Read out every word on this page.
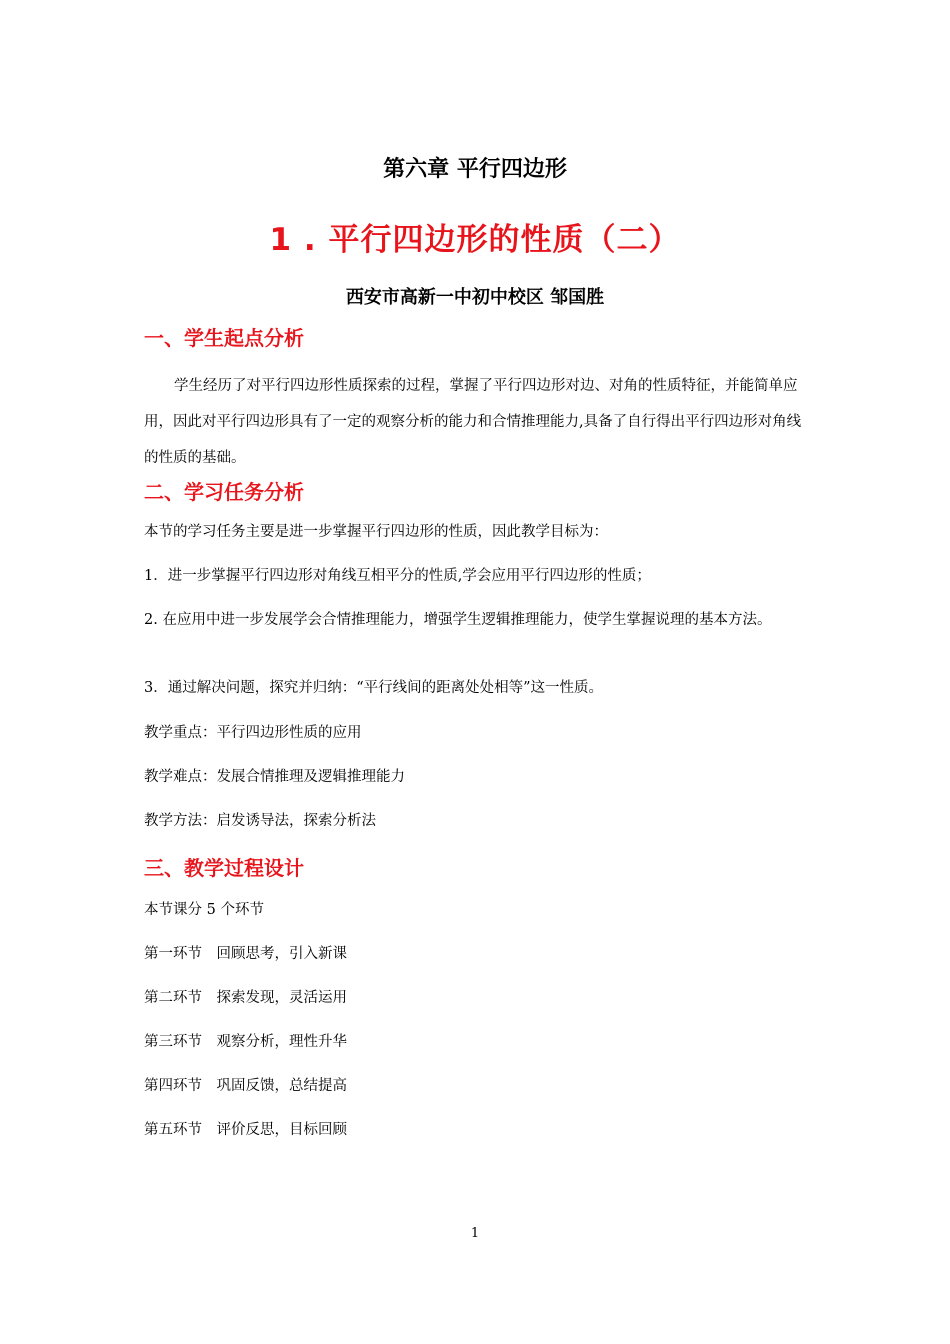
第六章 平行四边形
1 . 平行四边形的性质（二）
西安市高新一中初中校区 邹国胜
一、学生起点分析
学生经历了对平行四边形性质探索的过程，掌握了平行四边形对边、对角的性质特征，并能简单应用，因此对平行四边形具有了一定的观察分析的能力和合情推理能力,具备了自行得出平行四边形对角线的性质的基础。
二、学习任务分析
本节的学习任务主要是进一步掌握平行四边形的性质，因此教学目标为：
1．进一步掌握平行四边形对角线互相平分的性质,学会应用平行四边形的性质；
2. 在应用中进一步发展学会合情推理能力，增强学生逻辑推理能力，使学生掌握说理的基本方法。
3．通过解决问题，探究并归纳：“平行线间的距离处处相等”这一性质。
教学重点：平行四边形性质的应用
教学难点：发展合情推理及逻辑推理能力
教学方法：启发诱导法，探索分析法
三、教学过程设计
本节课分 5 个环节
第一环节　回顾思考，引入新课
第二环节　探索发现，灵活运用
第三环节　观察分析，理性升华
第四环节　巩固反馈，总结提高
第五环节　评价反思，目标回顾
1
